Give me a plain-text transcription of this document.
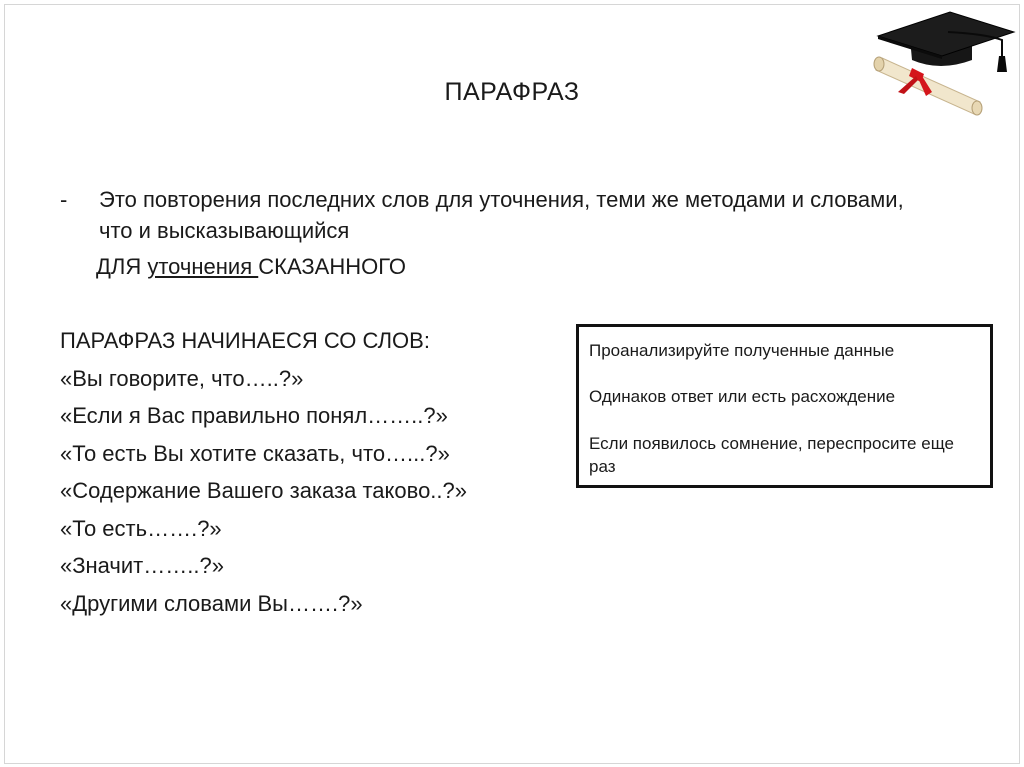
ПАРАФРАЗ
- Это повторения последних слов для уточнения, теми же методами и словами, что и высказывающийся
ДЛЯ уточнения СКАЗАННОГО
ПАРАФРАЗ НАЧИНАЕСЯ СО СЛОВ:
«Вы говорите, что…..?»
«Если я Вас правильно понял……..?»
«То есть Вы хотите сказать, что…...?»
«Содержание Вашего заказа таково..?»
«То есть…….?»
«Значит……..?»
«Другими словами Вы…….?»
Проанализируйте полученные данные
Одинаков ответ или есть расхождение
Если появилось сомнение, переспросите еще раз
